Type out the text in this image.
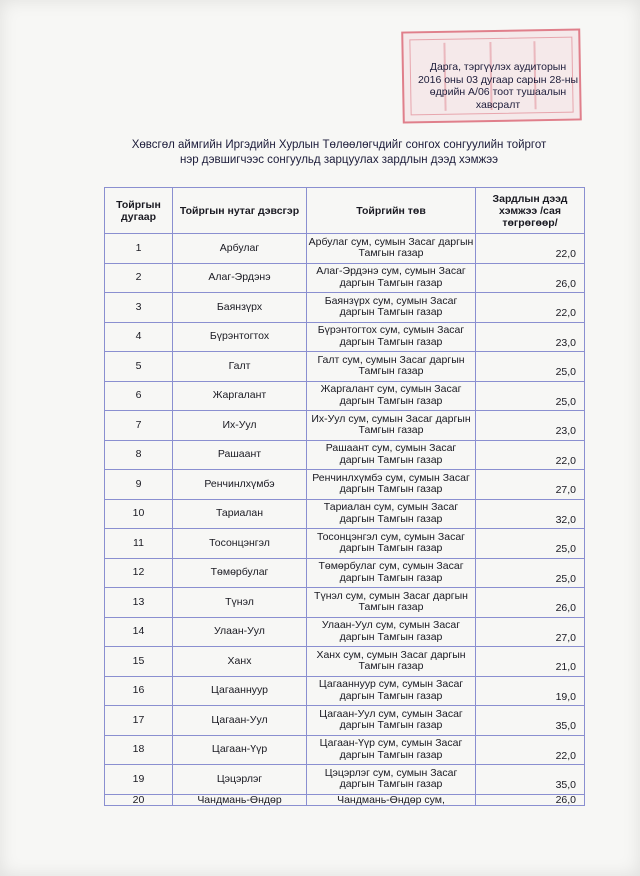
Дарга, тэргүүлэх аудиторын
2016 оны 03 дугаар сарын 28-ны
өдрийн А/06 тоот тушаалын
хавсралт
Хөвсгөл аймгийн Иргэдийн Хурлын Төлөөлөгчдийг сонгох сонгуулийн тойргот
нэр дэвшигчээс сонгуульд зарцуулах зардлын дээд хэмжээ
Тойргын дугаар	Тойргын нутаг дэвсгэр	Тойргийн төв	Зардлын дээд хэмжээ /сая төгрөгөөр/
1	Арбулаг	Арбулаг сум, сумын Засаг даргын Тамгын газар	22,0
2	Алаг-Эрдэнэ	Алаг-Эрдэнэ сум, сумын Засаг даргын Тамгын газар	26,0
3	Баянзүрх	Баянзүрх сум, сумын Засаг даргын Тамгын газар	22,0
4	Бүрэнтогтох	Бүрэнтогтох сум, сумын Засаг даргын Тамгын газар	23,0
5	Галт	Галт сум, сумын Засаг даргын Тамгын газар	25,0
6	Жаргалант	Жаргалант сум, сумын Засаг даргын Тамгын газар	25,0
7	Их-Уул	Их-Уул сум, сумын Засаг даргын Тамгын газар	23,0
8	Рашаант	Рашаант сум, сумын Засаг даргын Тамгын газар	22,0
9	Ренчинлхүмбэ	Ренчинлхүмбэ сум, сумын Засаг даргын Тамгын газар	27,0
10	Тариалан	Тариалан сум, сумын Засаг даргын Тамгын газар	32,0
11	Тосонцэнгэл	Тосонцэнгэл сум, сумын Засаг даргын Тамгын газар	25,0
12	Төмөрбулаг	Төмөрбулаг сум, сумын Засаг даргын Тамгын газар	25,0
13	Түнэл	Түнэл сум, сумын Засаг даргын Тамгын газар	26,0
14	Улаан-Уул	Улаан-Уул сум, сумын Засаг даргын Тамгын газар	27,0
15	Ханх	Ханх сум, сумын Засаг даргын Тамгын газар	21,0
16	Цагааннуур	Цагааннуур сум, сумын Засаг даргын Тамгын газар	19,0
17	Цагаан-Уул	Цагаан-Уул сум, сумын Засаг даргын Тамгын газар	35,0
18	Цагаан-Үүр	Цагаан-Үүр сум, сумын Засаг даргын Тамгын газар	22,0
19	Цэцэрлэг	Цэцэрлэг сум, сумын Засаг даргын Тамгын газар	35,0
20	Чандмань-Өндөр	Чандмань-Өндөр сум,	26,0
